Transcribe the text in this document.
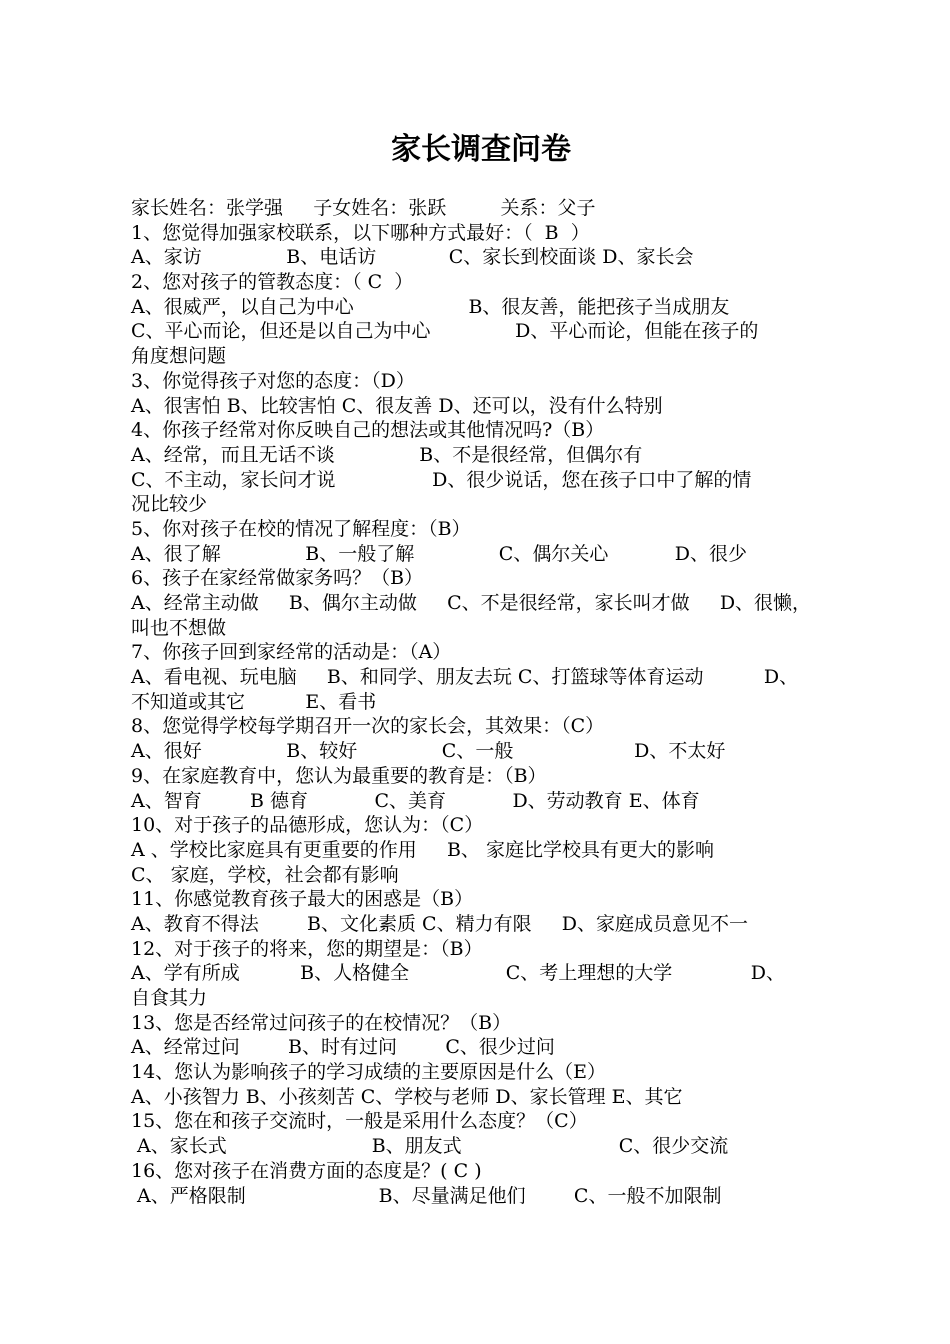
家长调查问卷
家长姓名：张学强     子女姓名：张跃         关系：父子
1、您觉得加强家校联系，以下哪种方式最好：（  B  ）
A、家访              B、电话访            C、家长到校面谈 D、家长会
2、您对孩子的管教态度：（ C  ）
A、很威严，以自己为中心                   B、很友善，能把孩子当成朋友
C、平心而论，但还是以自己为中心              D、平心而论，但能在孩子的
角度想问题
3、你觉得孩子对您的态度：（D）
A、很害怕 B、比较害怕 C、很友善 D、还可以，没有什么特别
4、你孩子经常对你反映自己的想法或其他情况吗?（B）
A、经常，而且无话不谈              B、不是很经常，但偶尔有
C、不主动，家长问才说                D、很少说话，您在孩子口中了解的情
况比较少
5、你对孩子在校的情况了解程度：（B）
A、很了解              B、一般了解              C、偶尔关心           D、很少
6、孩子在家经常做家务吗？（B）
A、经常主动做     B、偶尔主动做     C、不是很经常，家长叫才做     D、很懒，
叫也不想做
7、你孩子回到家经常的活动是：（A）
A、看电视、玩电脑     B、和同学、朋友去玩 C、打篮球等体育运动          D、
不知道或其它          E、看书
8、您觉得学校每学期召开一次的家长会，其效果：（C）
A、很好              B、较好              C、一般                    D、不太好
9、在家庭教育中，您认为最重要的教育是：（B）
A、智育        B 德育           C、美育           D、劳动教育 E、体育
10、对于孩子的品德形成，您认为：（C）
A 、学校比家庭具有更重要的作用     B、 家庭比学校具有更大的影响
C、 家庭，学校，社会都有影响
11、你感觉教育孩子最大的困惑是（B）
A、教育不得法        B、文化素质 C、精力有限     D、家庭成员意见不一
12、对于孩子的将来，您的期望是：（B）
A、学有所成          B、人格健全                C、考上理想的大学             D、
自食其力
13、您是否经常过问孩子的在校情况？（B）
A、经常过问        B、时有过问        C、很少过问
14、您认为影响孩子的学习成绩的主要原因是什么（E）
A、小孩智力 B、小孩刻苦 C、学校与老师 D、家长管理 E、其它
15、您在和孩子交流时，一般是采用什么态度？（C）
A、家长式                        B、朋友式                          C、很少交流
16、您对孩子在消费方面的态度是？( C )
A、严格限制                      B、尽量满足他们        C、一般不加限制
